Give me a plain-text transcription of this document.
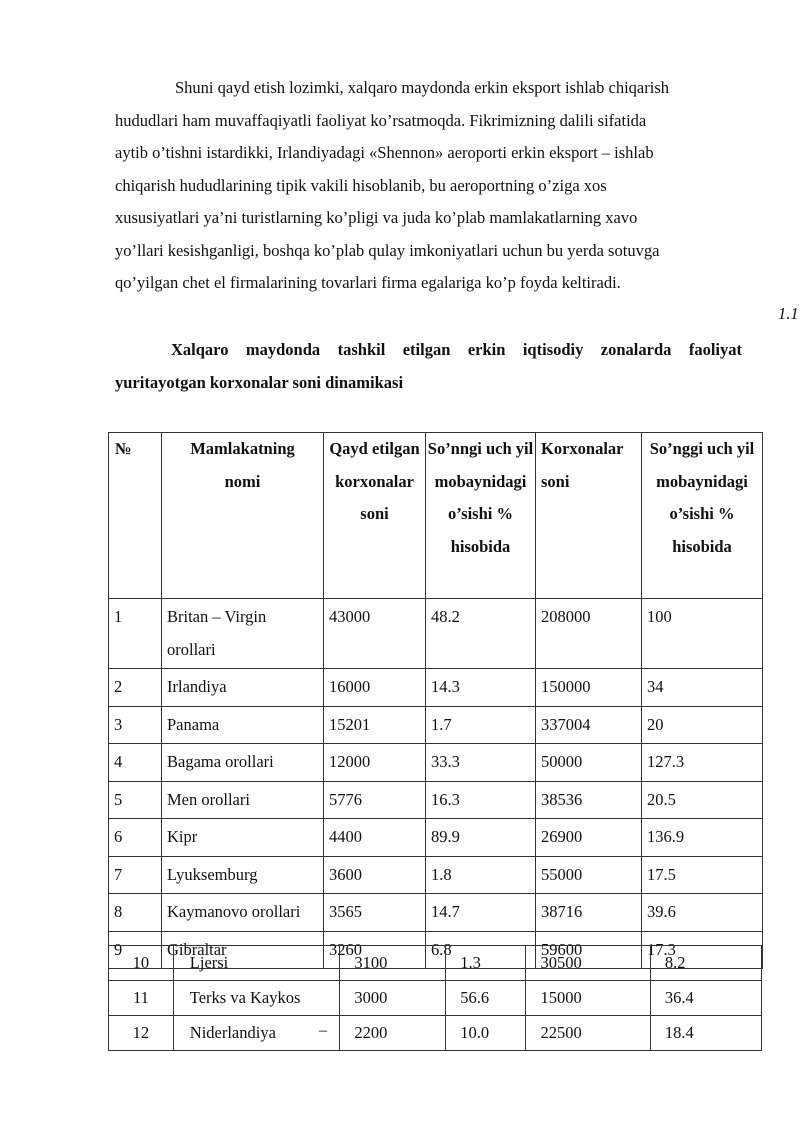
Shuni qayd etish lozimki, xalqaro maydonda erkin eksport ishlab chiqarish
hududlari ham muvaffaqiyatli faoliyat ko’rsatmoqda. Fikrimizning dalili sifatida
aytib o’tishni istardikki, Irlandiyadagi «Shennon» aeroporti erkin eksport – ishlab
chiqarish hududlarining tipik vakili hisoblanib, bu aeroportning o’ziga xos
xususiyatlari ya’ni turistlarning ko’pligi va juda ko’plab mamlakatlarning xavo
yo’llari kesishganligi, boshqa ko’plab qulay imkoniyatlari uchun bu yerda sotuvga
qo’yilgan chet el firmalarining tovarlari firma egalariga ko’p foyda keltiradi.
1.1
Xalqaro maydonda tashkil etilgan erkin iqtisodiy zonalarda faoliyat yuritayotgan korxonalar soni dinamikasi
№	Mamlakatning nomi	Qayd etilgan korxonalar soni	So’nngi uch yil mobaynidagi o’sishi % hisobida	Korxonalar soni	So’nggi uch yil mobaynidagi o’sishi % hisobida
1	Britan – Virgin orollari	43000	48.2	208000	100
2	Irlandiya	16000	14.3	150000	34
3	Panama	15201	1.7	337004	20
4	Bagama orollari	12000	33.3	50000	127.3
5	Men orollari	5776	16.3	38536	20.5
6	Kipr	4400	89.9	26900	136.9
7	Lyuksemburg	3600	1.8	55000	17.5
8	Kaymanovo orollari	3565	14.7	38716	39.6
9	Gibraltar	3260	6.8	59600	17.3
10	Ljersi	3100	1.3	30500	8.2
11	Terks va Kaykos	3000	56.6	15000	36.4
12	Niderlandiya	2200	10.0	22500	18.4
–
